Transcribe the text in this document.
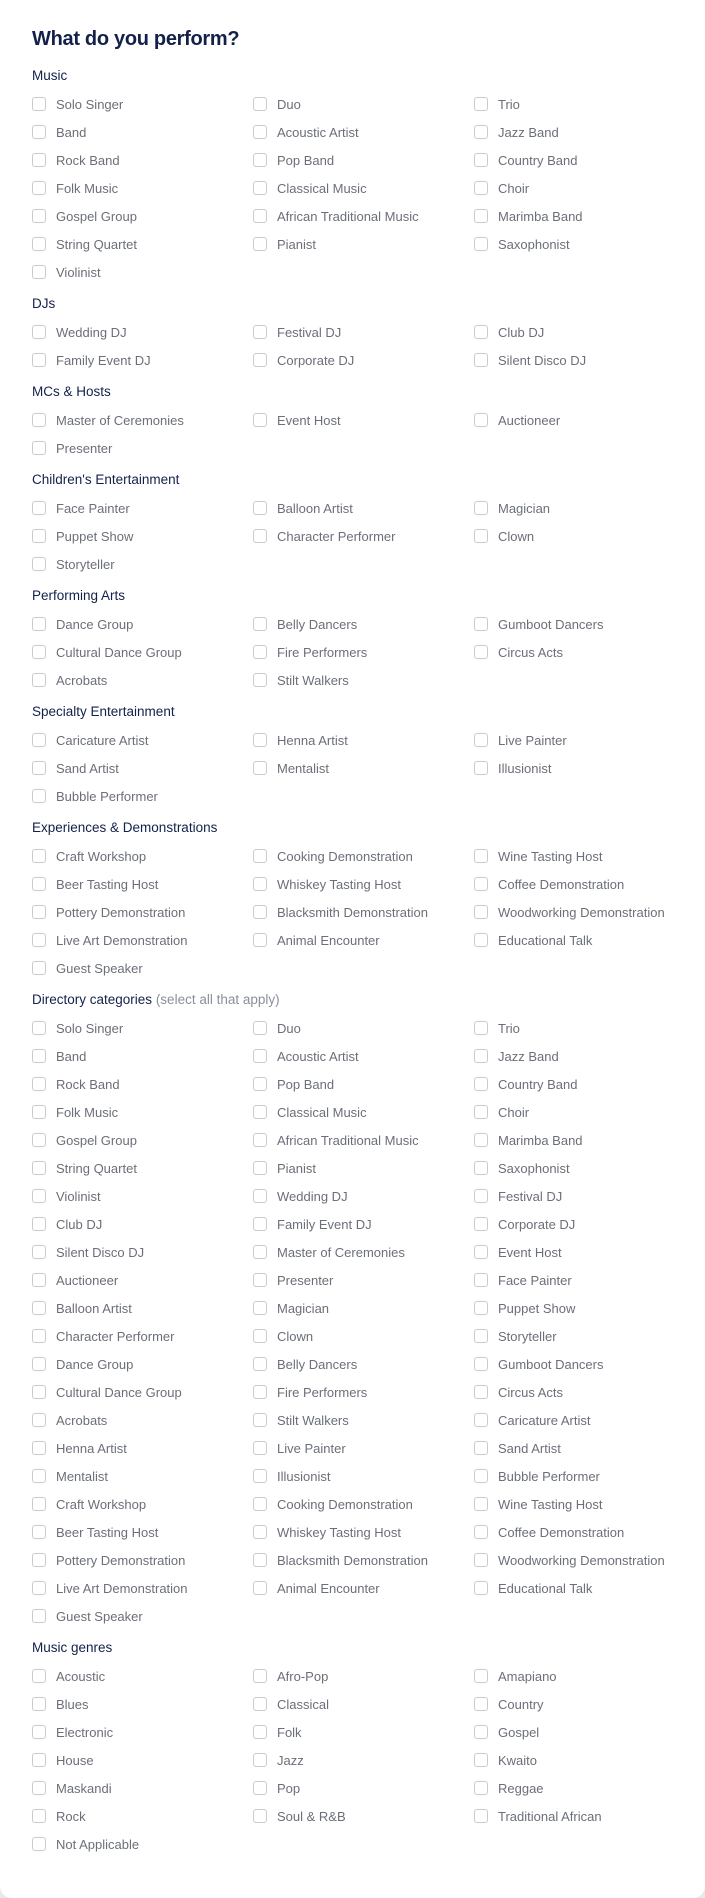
What do you perform?
Music
Solo Singer	Duo	Trio
Band	Acoustic Artist	Jazz Band
Rock Band	Pop Band	Country Band
Folk Music	Classical Music	Choir
Gospel Group	African Traditional Music	Marimba Band
String Quartet	Pianist	Saxophonist
Violinist
DJs
Wedding DJ	Festival DJ	Club DJ
Family Event DJ	Corporate DJ	Silent Disco DJ
MCs & Hosts
Master of Ceremonies	Event Host	Auctioneer
Presenter
Children's Entertainment
Face Painter	Balloon Artist	Magician
Puppet Show	Character Performer	Clown
Storyteller
Performing Arts
Dance Group	Belly Dancers	Gumboot Dancers
Cultural Dance Group	Fire Performers	Circus Acts
Acrobats	Stilt Walkers
Specialty Entertainment
Caricature Artist	Henna Artist	Live Painter
Sand Artist	Mentalist	Illusionist
Bubble Performer
Experiences & Demonstrations
Craft Workshop	Cooking Demonstration	Wine Tasting Host
Beer Tasting Host	Whiskey Tasting Host	Coffee Demonstration
Pottery Demonstration	Blacksmith Demonstration	Woodworking Demonstration
Live Art Demonstration	Animal Encounter	Educational Talk
Guest Speaker
Directory categories (select all that apply)
Solo Singer	Duo	Trio
Band	Acoustic Artist	Jazz Band
Rock Band	Pop Band	Country Band
Folk Music	Classical Music	Choir
Gospel Group	African Traditional Music	Marimba Band
String Quartet	Pianist	Saxophonist
Violinist	Wedding DJ	Festival DJ
Club DJ	Family Event DJ	Corporate DJ
Silent Disco DJ	Master of Ceremonies	Event Host
Auctioneer	Presenter	Face Painter
Balloon Artist	Magician	Puppet Show
Character Performer	Clown	Storyteller
Dance Group	Belly Dancers	Gumboot Dancers
Cultural Dance Group	Fire Performers	Circus Acts
Acrobats	Stilt Walkers	Caricature Artist
Henna Artist	Live Painter	Sand Artist
Mentalist	Illusionist	Bubble Performer
Craft Workshop	Cooking Demonstration	Wine Tasting Host
Beer Tasting Host	Whiskey Tasting Host	Coffee Demonstration
Pottery Demonstration	Blacksmith Demonstration	Woodworking Demonstration
Live Art Demonstration	Animal Encounter	Educational Talk
Guest Speaker
Music genres
Acoustic	Afro-Pop	Amapiano
Blues	Classical	Country
Electronic	Folk	Gospel
House	Jazz	Kwaito
Maskandi	Pop	Reggae
Rock	Soul & R&B	Traditional African
Not Applicable
